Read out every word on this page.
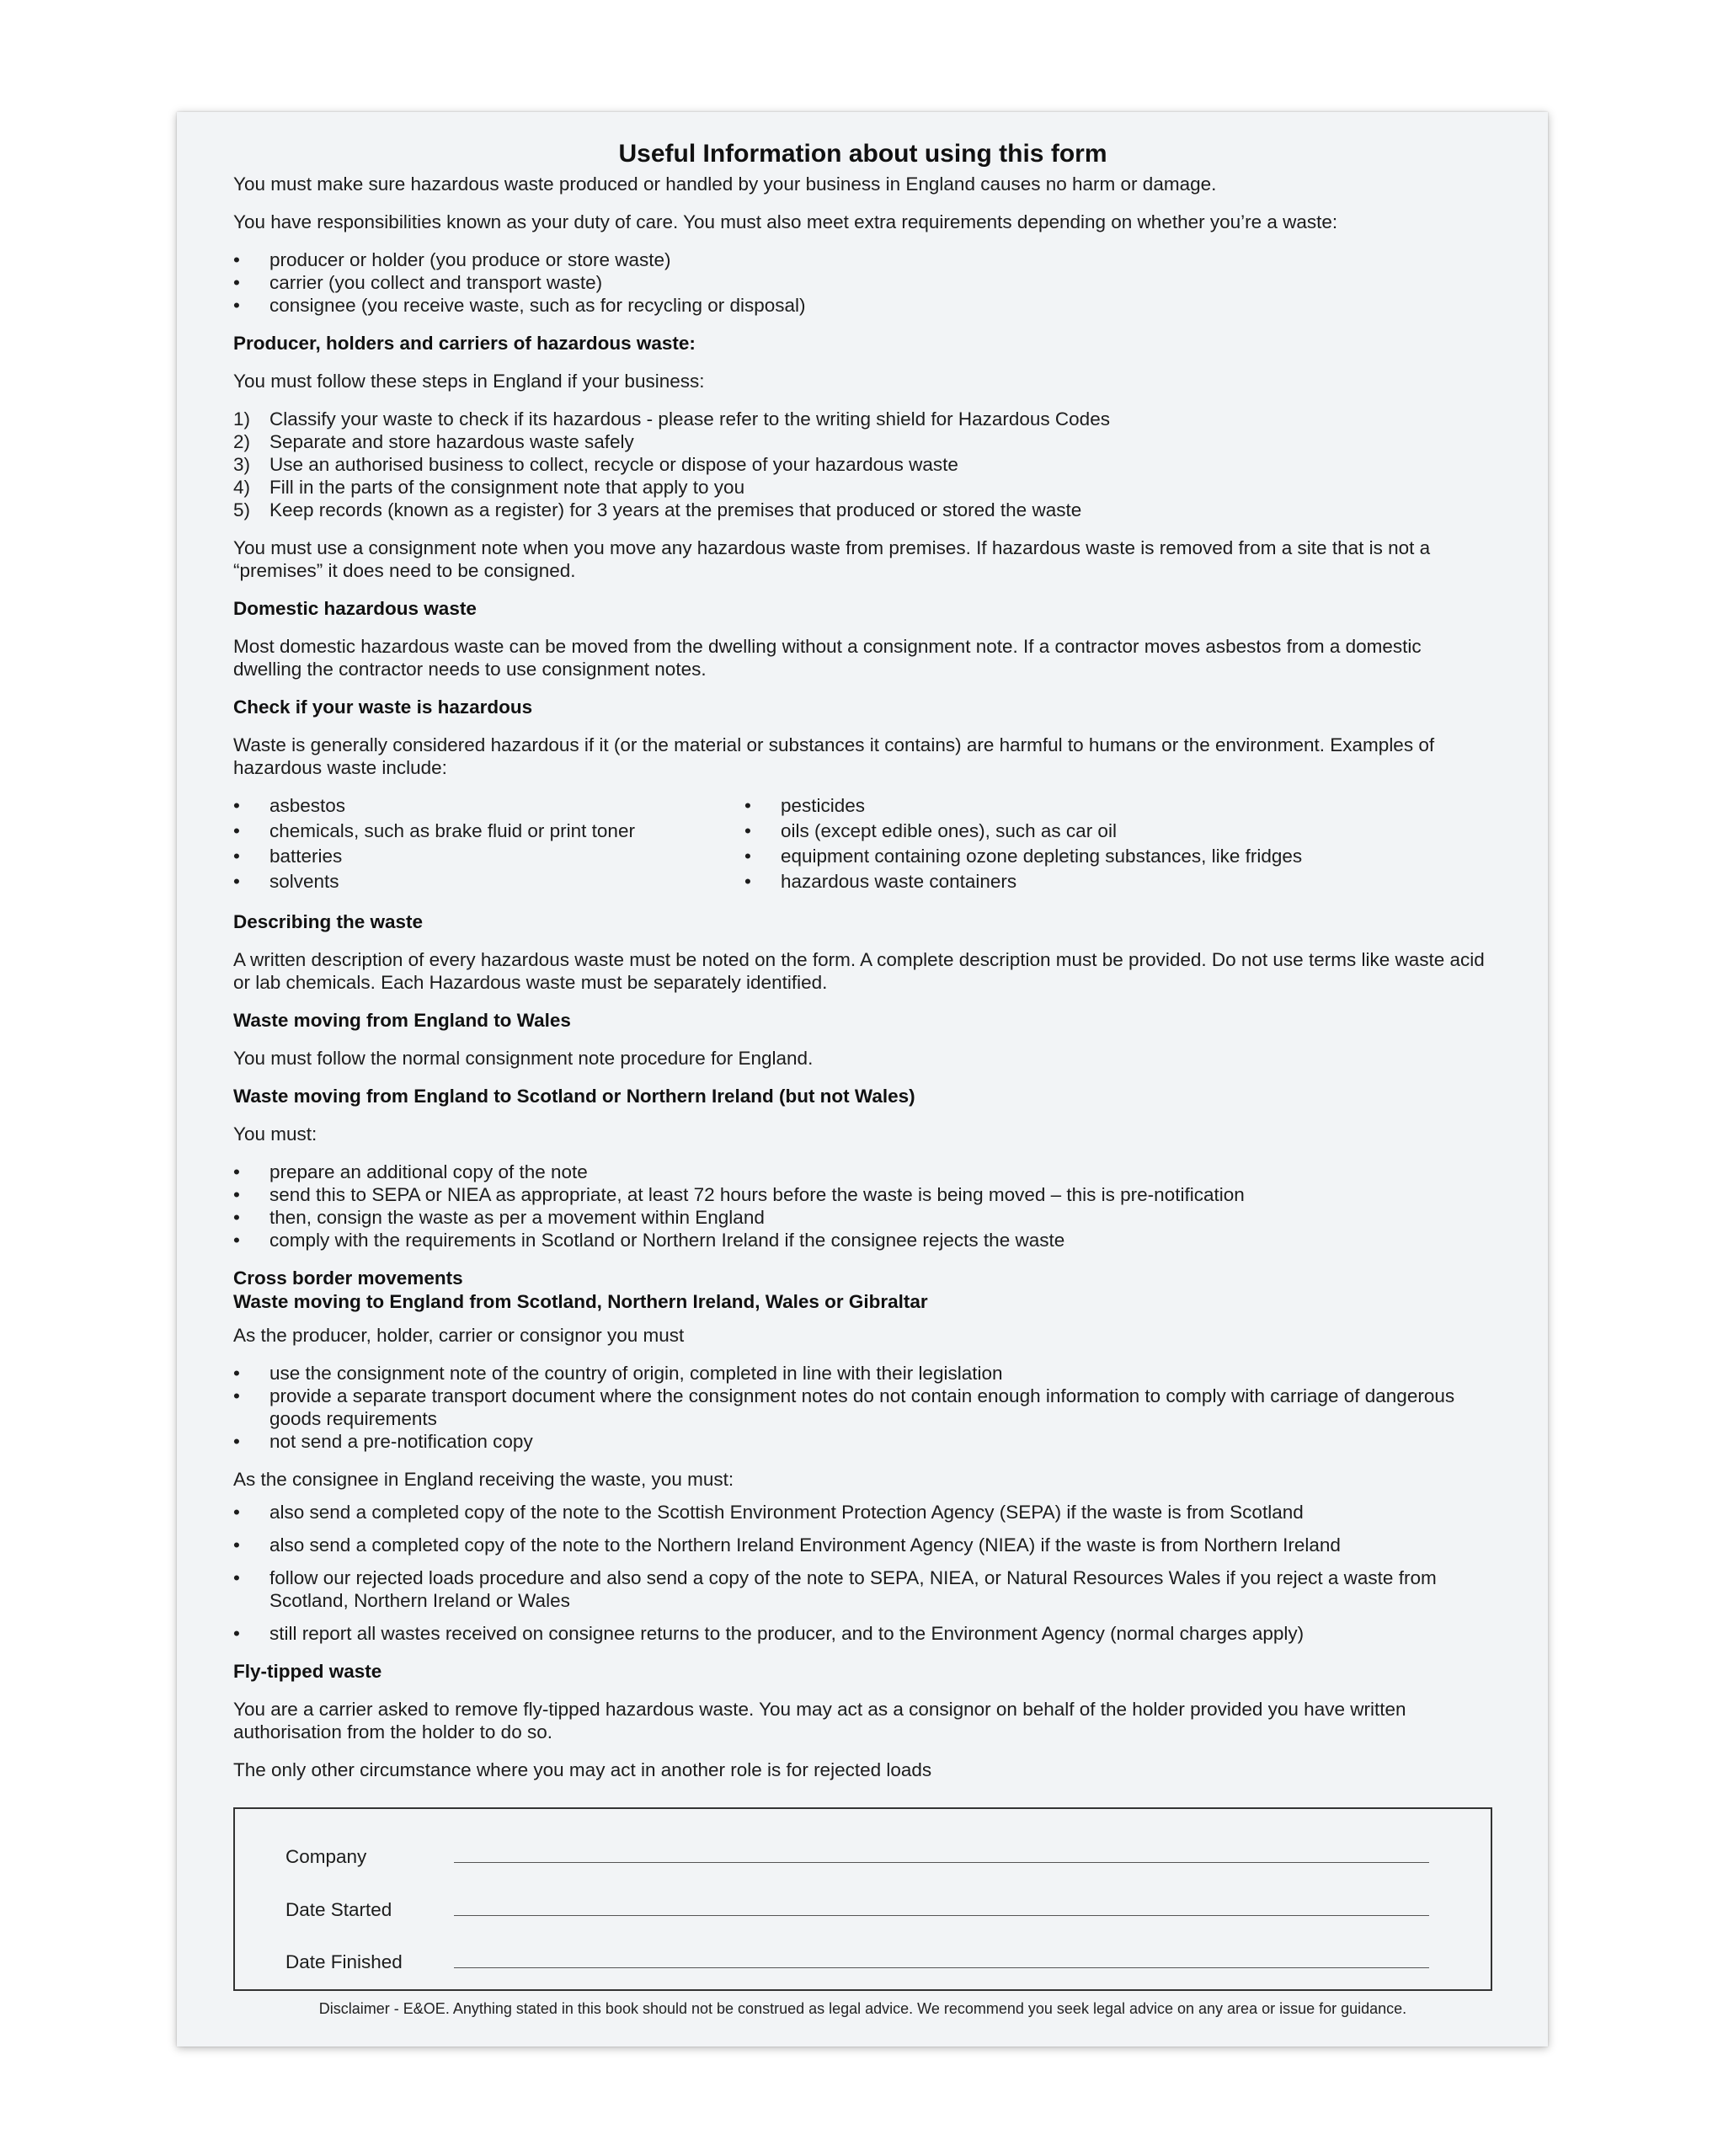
Useful Information about using this form

You must make sure hazardous waste produced or handled by your business in England causes no harm or damage.

You have responsibilities known as your duty of care. You must also meet extra requirements depending on whether you’re a waste:

• producer or holder (you produce or store waste)
• carrier (you collect and transport waste)
• consignee (you receive waste, such as for recycling or disposal)
Producer, holders and carriers of hazardous waste:

You must follow these steps in England if your business:

1) Classify your waste to check if its hazardous - please refer to the writing shield for Hazardous Codes
2) Separate and store hazardous waste safely
3) Use an authorised business to collect, recycle or dispose of your hazardous waste
4) Fill in the parts of the consignment note that apply to you
5) Keep records (known as a register) for 3 years at the premises that produced or stored the waste

You must use a consignment note when you move any hazardous waste from premises. If hazardous waste is removed from a site that is not a “premises” it does need to be consigned.

Domestic hazardous waste

Most domestic hazardous waste can be moved from the dwelling without a consignment note. If a contractor moves asbestos from a domestic dwelling the contractor needs to use consignment notes.

Check if your waste is hazardous

Waste is generally considered hazardous if it (or the material or substances it contains) are harmful to humans or the environment. Examples of hazardous waste include:

• asbestos
• chemicals, such as brake fluid or print toner
• batteries
• solvents
• pesticides
• oils (except edible ones), such as car oil
• equipment containing ozone depleting substances, like fridges
• hazardous waste containers
Describing the waste

A written description of every hazardous waste must be noted on the form. A complete description must be provided. Do not use terms like waste acid or lab chemicals. Each Hazardous waste must be separately identified.

Waste moving from England to Wales

You must follow the normal consignment note procedure for England.

Waste moving from England to Scotland or Northern Ireland (but not Wales)

You must:

• prepare an additional copy of the note
• send this to SEPA or NIEA as appropriate, at least 72 hours before the waste is being moved – this is pre-notification
• then, consign the waste as per a movement within England
• comply with the requirements in Scotland or Northern Ireland if the consignee rejects the waste
Cross border movements
Waste moving to England from Scotland, Northern Ireland, Wales or Gibraltar

As the producer, holder, carrier or consignor you must

• use the consignment note of the country of origin, completed in line with their legislation
• provide a separate transport document where the consignment notes do not contain enough information to comply with carriage of dangerous goods requirements
• not send a pre-notification copy

As the consignee in England receiving the waste, you must:

• also send a completed copy of the note to the Scottish Environment Protection Agency (SEPA) if the waste is from Scotland
• also send a completed copy of the note to the Northern Ireland Environment Agency (NIEA) if the waste is from Northern Ireland
• follow our rejected loads procedure and also send a copy of the note to SEPA, NIEA, or Natural Resources Wales if you reject a waste from Scotland, Northern Ireland or Wales
• still report all wastes received on consignee returns to the producer, and to the Environment Agency (normal charges apply)
Fly-tipped waste

You are a carrier asked to remove fly-tipped hazardous waste. You may act as a consignor on behalf of the holder provided you have written authorisation from the holder to do so.

The only other circumstance where you may act in another role is for rejected loads

Company
Date Started
Date Finished
Disclaimer - E&OE. Anything stated in this book should not be construed as legal advice. We recommend you seek legal advice on any area or issue for guidance.
